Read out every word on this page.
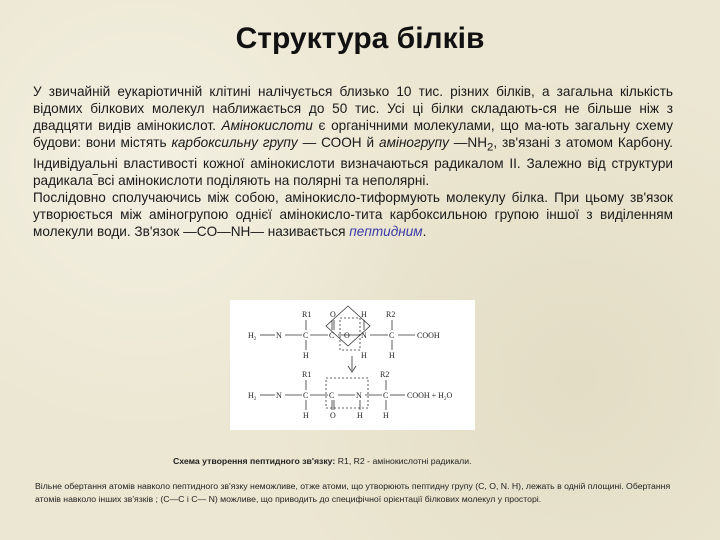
Структура білків

У звичайній еукаріотичній клітині налічується близько 10 тис. різних білків, а загальна кількість відомих білкових молекул наближається до 50 тис. Усі ці білки складають-ся не більше ніж з двадцяти видів амінокислот. Амінокислоти є органічними молекулами, що ма-ють загальну схему будови: вони містять карбоксильну групу — СООН й аміногрупу $—NH_2$, зв'язані з атомом Карбону. Індивідуальні властивості кожної амінокислоти визначаються радикалом II. Залежно від структури радикала‾всі амінокислоти поділяють на полярні та неполярні.

Послідовно сполучаючись між собою, амінокисло-тиформують молекулу білка. При цьому зв'язок утворюється між аміногрупою однієї амінокисло-тита карбоксильною групою іншої з виділенням молекули води. Зв'язок —CO—NH— називається пептидним.

R1	R2
$H_2$ N	C
H
C
O
O
H
N
H
C
H
COOH
R1	R2
$H_2$ N	C
H
C
O
N
H
C
H
COOH + $H_2O$
Схема утворення пептидного зв'язку: R1, R2 - амінокислотні радикали.
Вільне обертання атомів навколо пептидного зв'язку неможливе, отже атоми, що утворюють пептидну групу (С, О, N. H), лежать в одній площині. Обертання атомів навколо інших зв'язків ; (С—С і С— N) можливе, що приводить до специфічної орієнтації білкових молекул у просторі.
